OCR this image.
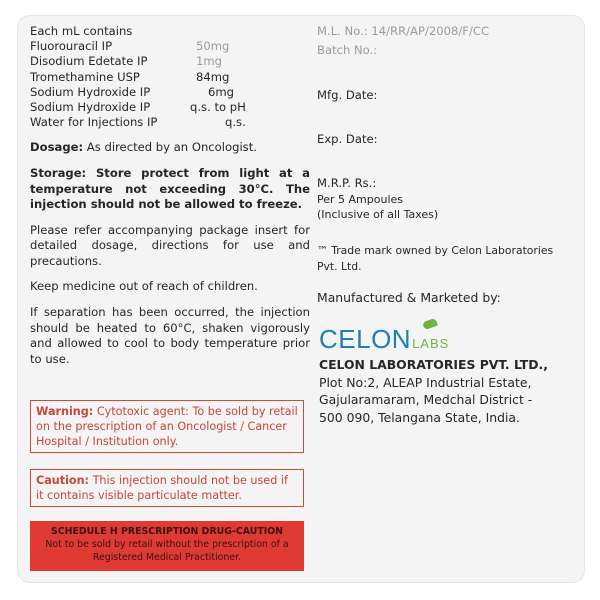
Each mL contains
Fluorouracil IP	50mg
Disodium Edetate IP	1mg
Tromethamine USP	84mg
Sodium Hydroxide IP	6mg
Sodium Hydroxide IP	q.s. to pH
Water for Injections IP	q.s.
Dosage: As directed by an Oncologist.
Storage: Store protect from light at a temperature not exceeding 30°C. The injection should not be allowed to freeze.
Please refer accompanying package insert for detailed dosage, directions for use and precautions.
Keep medicine out of reach of children.
If separation has been occurred, the injection should be heated to 60°C, shaken vigorously and allowed to cool to body temperature prior to use.
Warning: Cytotoxic agent: To be sold by retail on the prescription of an Oncologist / Cancer Hospital / Institution only.
Caution: This injection should not be used if it contains visible particulate matter.
SCHEDULE H PRESCRIPTION DRUG-CAUTION
Not to be sold by retail without the prescription of a
Registered Medical Practitioner.
M.L. No.: 14/RR/AP/2008/F/CC
Batch No.:
Mfg. Date:
Exp. Date:
M.R.P. Rs.:
Per 5 Ampoules
(Inclusive of all Taxes)
™ Trade mark owned by Celon Laboratories Pvt. Ltd.
Manufactured & Marketed by:
CELONLABS
CELON LABORATORIES PVT. LTD.,
Plot No:2, ALEAP Industrial Estate,
Gajularamaram, Medchal District -
500 090, Telangana State, India.
